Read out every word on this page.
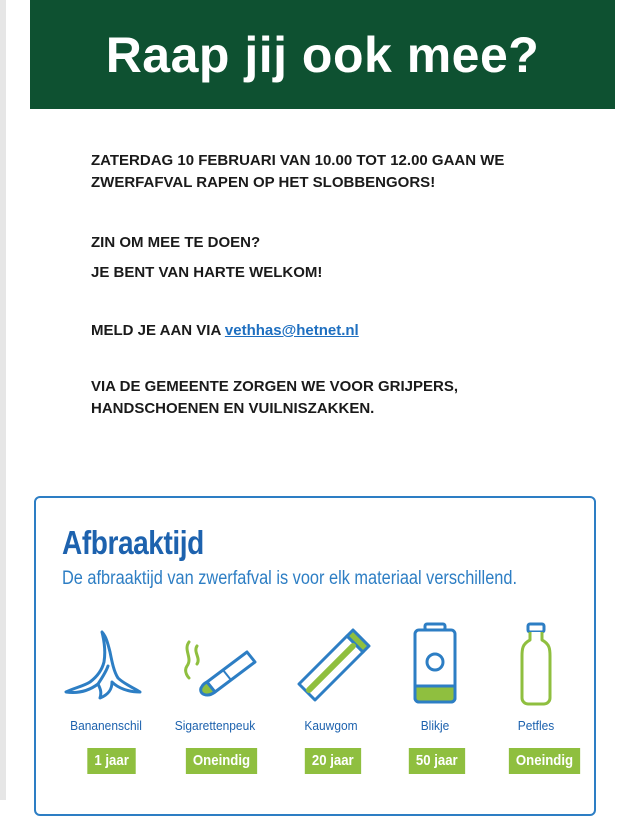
Raap jij ook mee?

ZATERDAG 10 FEBRUARI VAN 10.00 TOT 12.00 GAAN WE
ZWERFAFVAL RAPEN OP HET SLOBBENGORS!

ZIN OM MEE TE DOEN?

JE BENT VAN HARTE WELKOM!

MELD JE AAN VIA vethhas@hetnet.nl

VIA DE GEMEENTE ZORGEN WE VOOR GRIJPERS,
HANDSCHOENEN EN VUILNISZAKKEN.

Afbraaktijd

De afbraaktijd van zwerfafval is voor elk materiaal verschillend.

Bananenschil
1 jaar
Sigarettenpeuk
Oneindig
Kauwgom
20 jaar
Blikje
50 jaar
Petfles
Oneindig
